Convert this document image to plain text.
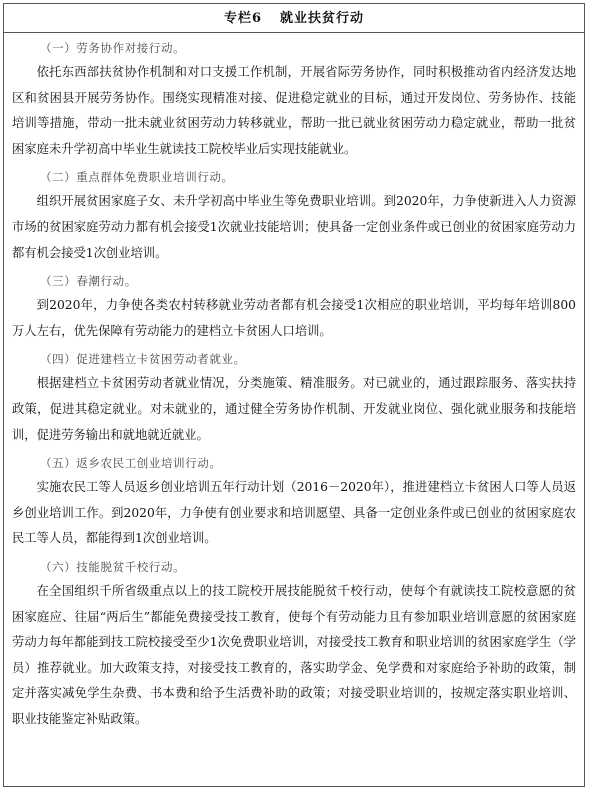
专栏6 就业扶贫行动
（一）劳务协作对接行动。
依托东西部扶贫协作机制和对口支援工作机制，开展省际劳务协作，同时积极推动省内经济发达地区和贫困县开展劳务协作。围绕实现精准对接、促进稳定就业的目标，通过开发岗位、劳务协作、技能培训等措施，带动一批未就业贫困劳动力转移就业，帮助一批已就业贫困劳动力稳定就业，帮助一批贫困家庭未升学初高中毕业生就读技工院校毕业后实现技能就业。
（二）重点群体免费职业培训行动。
组织开展贫困家庭子女、未升学初高中毕业生等免费职业培训。到2020年，力争使新进入人力资源市场的贫困家庭劳动力都有机会接受1次就业技能培训；使具备一定创业条件或已创业的贫困家庭劳动力都有机会接受1次创业培训。
（三）春潮行动。
到2020年，力争使各类农村转移就业劳动者都有机会接受1次相应的职业培训，平均每年培训800万人左右，优先保障有劳动能力的建档立卡贫困人口培训。
（四）促进建档立卡贫困劳动者就业。
根据建档立卡贫困劳动者就业情况，分类施策、精准服务。对已就业的，通过跟踪服务、落实扶持政策，促进其稳定就业。对未就业的，通过健全劳务协作机制、开发就业岗位、强化就业服务和技能培训，促进劳务输出和就地就近就业。
（五）返乡农民工创业培训行动。
实施农民工等人员返乡创业培训五年行动计划（2016－2020年），推进建档立卡贫困人口等人员返乡创业培训工作。到2020年，力争使有创业要求和培训愿望、具备一定创业条件或已创业的贫困家庭农民工等人员，都能得到1次创业培训。
（六）技能脱贫千校行动。
在全国组织千所省级重点以上的技工院校开展技能脱贫千校行动，使每个有就读技工院校意愿的贫困家庭应、往届“两后生”都能免费接受技工教育，使每个有劳动能力且有参加职业培训意愿的贫困家庭劳动力每年都能到技工院校接受至少1次免费职业培训，对接受技工教育和职业培训的贫困家庭学生（学员）推荐就业。加大政策支持，对接受技工教育的，落实助学金、免学费和对家庭给予补助的政策，制定并落实减免学生杂费、书本费和给予生活费补助的政策；对接受职业培训的，按规定落实职业培训、职业技能鉴定补贴政策。
